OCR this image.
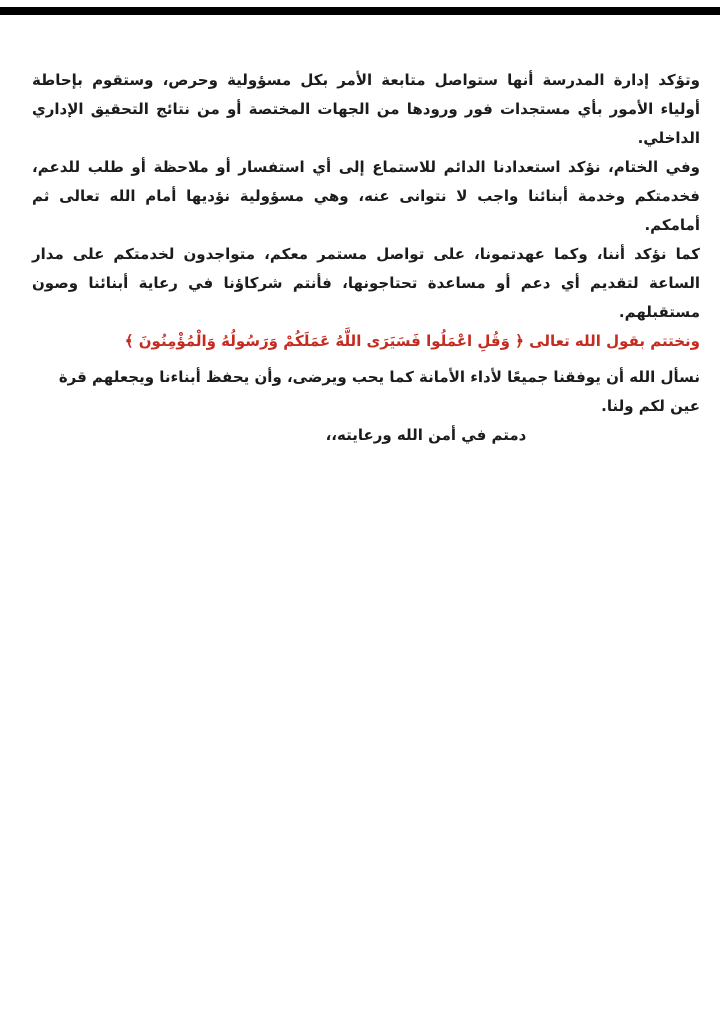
وتؤكد إدارة المدرسة أنها ستواصل متابعة الأمر بكل مسؤولية وحرص، وستقوم بإحاطة أولياء الأمور بأي مستجدات فور ورودها من الجهات المختصة أو من نتائج التحقيق الإداري الداخلي.

وفي الختام، نؤكد استعدادنا الدائم للاستماع إلى أي استفسار أو ملاحظة أو طلب للدعم، فخدمتكم وخدمة أبنائنا واجب لا نتوانى عنه، وهي مسؤولية نؤديها أمام الله تعالى ثم أمامكم.

كما نؤكد أننا، وكما عهدتمونا، على تواصل مستمر معكم، متواجدون لخدمتكم على مدار الساعة لتقديم أي دعم أو مساعدة تحتاجونها، فأنتم شركاؤنا في رعاية أبنائنا وصون مستقبلهم.

ونختتم بقول الله تعالى ﴿ وَقُلِ اعْمَلُوا فَسَيَرَى اللَّهُ عَمَلَكُمْ وَرَسُولُهُ وَالْمُؤْمِنُونَ ﴾

نسأل الله أن يوفقنا جميعًا لأداء الأمانة كما يحب ويرضى، وأن يحفظ أبناءنا ويجعلهم قرة عين لكم ولنا.

دمتم في أمن الله ورعايته،،
